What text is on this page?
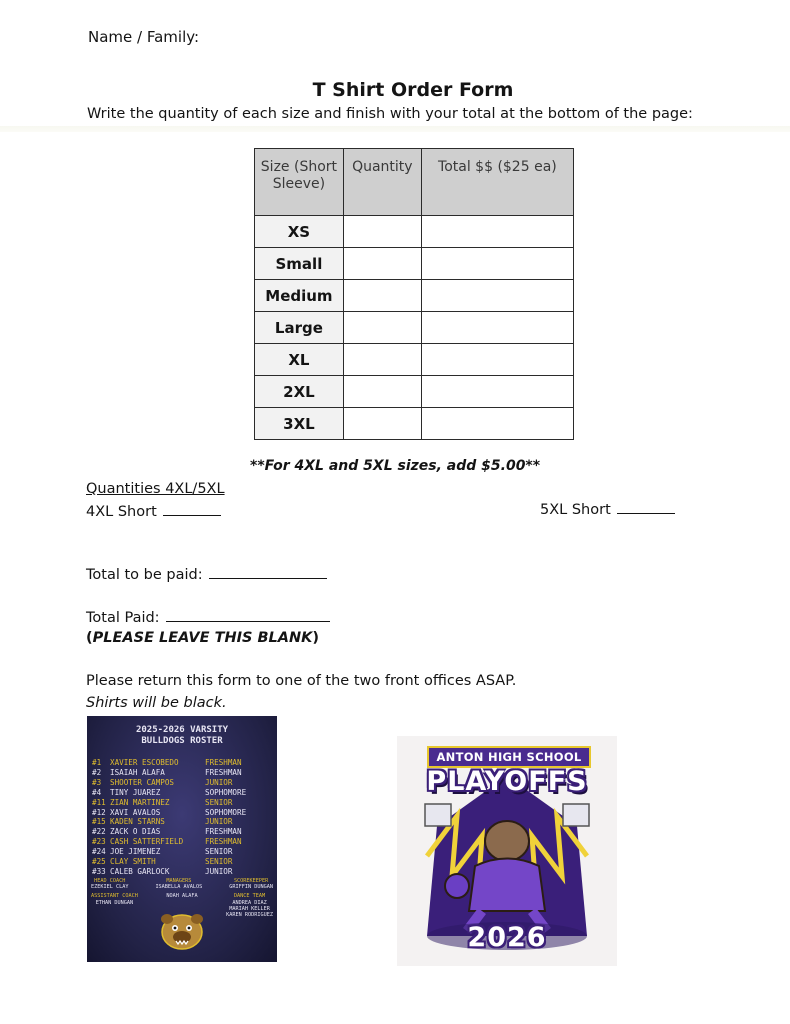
Name / Family:
T Shirt Order Form
Write the quantity of each size and finish with your total at the bottom of the page:
Size (Short Sleeve)	Quantity	Total $$ ($25 ea)
XS		
Small		
Medium		
Large		
XL		
2XL		
3XL		
**For 4XL and 5XL sizes, add $5.00**
Quantities 4XL/5XL
4XL Short	5XL Short
Total to be paid:
Total Paid:
(PLEASE LEAVE THIS BLANK)
Please return this form to one of the two front offices ASAP.
Shirts will be black.
2025-2026 VARSITY
BULLDOGS ROSTER
#1	XAVIER ESCOBEDO	FRESHMAN
#2	ISAIAH ALAFA	FRESHMAN
#3	SHOOTER CAMPOS	JUNIOR
#4	TINY JUAREZ	SOPHOMORE
#11 ZIAN MARTINEZ	SENIOR
#12 XAVI AVALOS	SOPHOMORE
#15 KADEN STARNS	JUNIOR
#22 ZACK O DIAS	FRESHMAN
#23 CASH SATTERFIELD	FRESHMAN
#24 JOE JIMENEZ	SENIOR
#25 CLAY SMITH	SENIOR
#33 CALEB GARLOCK	JUNIOR
HEAD COACH
EZEKIEL CLAY
MANAGERS
ISABELLA AVALOS
SCOREKEEPER
GRIFFIN DUNGAN
ASSISTANT COACH
ETHAN DUNGAN
NOAH ALAFA	DANCE TEAM
ANDREA DIAZ
MARIAH KELLER
KAREN RODRIGUEZ
ANTON HIGH SCHOOL
PLAYOFFS
2026
